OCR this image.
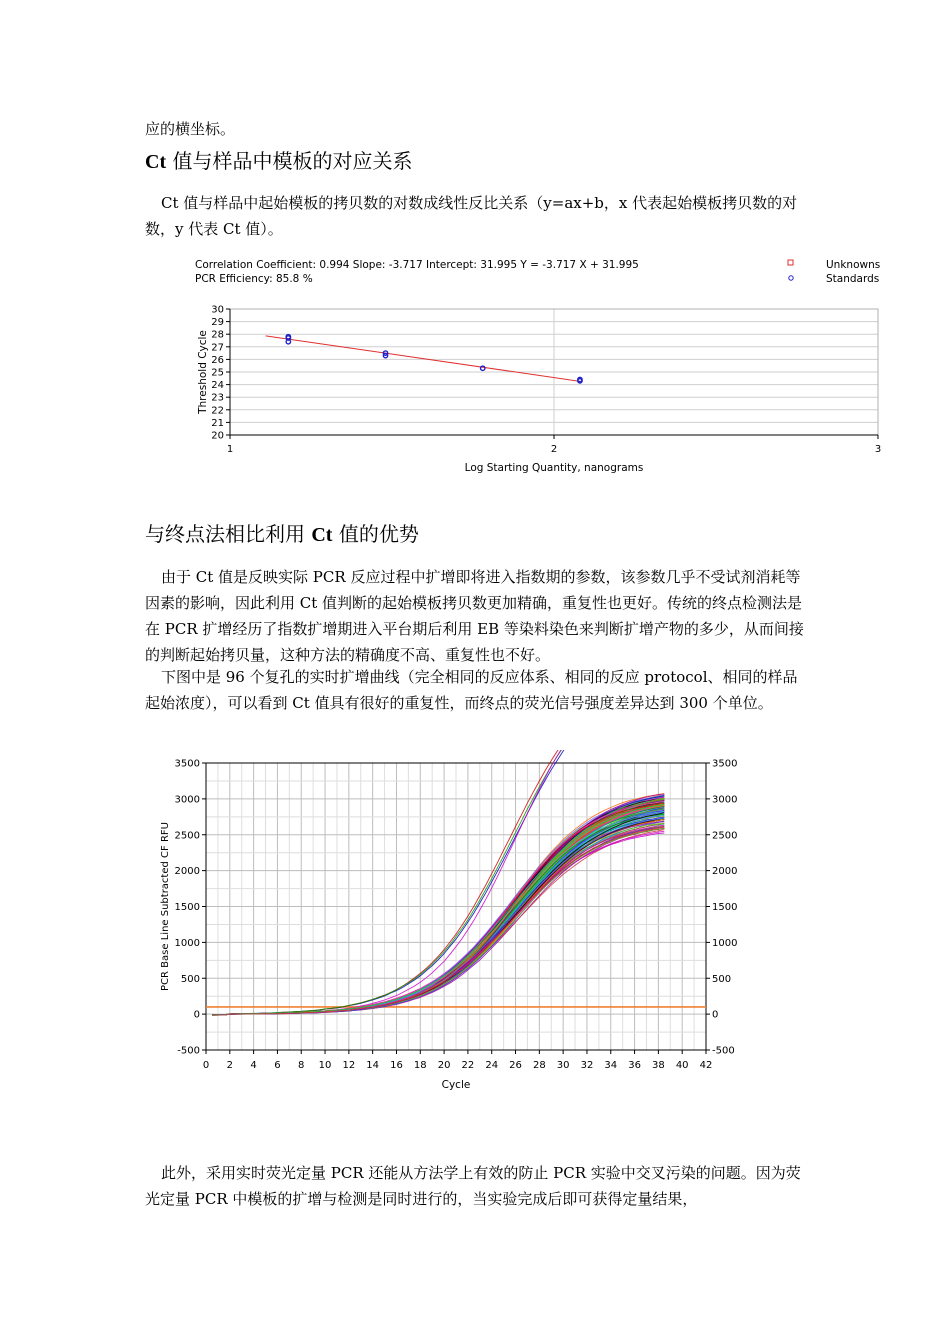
应的横坐标。

Ct 值与样品中模板的对应关系

Ct 值与样品中起始模板的拷贝数的对数成线性反比关系（y=ax+b，x 代表起始模板拷贝数的对数，y 代表 Ct 值）。

Correlation Coefficient: 0.994 Slope: -3.717 Intercept: 31.995 Y = -3.717 X + 31.995
PCR Efficiency: 85.8 %
Unknowns
Standards
20
21
22
23
24
25
26
27
28
29
30
1	2	3
Log Starting Quantity, nanograms
Threshold Cycle
与终点法相比利用 Ct 值的优势

由于 Ct 值是反映实际 PCR 反应过程中扩增即将进入指数期的参数，该参数几乎不受试剂消耗等因素的影响，因此利用 Ct 值判断的起始模板拷贝数更加精确，重复性也更好。传统的终点检测法是在 PCR 扩增经历了指数扩增期进入平台期后利用 EB 等染料染色来判断扩增产物的多少，从而间接的判断起始拷贝量，这种方法的精确度不高、重复性也不好。

下图中是 96 个复孔的实时扩增曲线（完全相同的反应体系、相同的反应 protocol、相同的样品起始浓度），可以看到 Ct 值具有很好的重复性，而终点的荧光信号强度差异达到 300 个单位。

-500	-500
0	0
500	500
1000	1000
1500	1500
2000	2000
2500	2500
3000	3000
3500	3500
0 2 4 6 8 10 12 14 16 18 20 22 24 26 28 30 32 34 36 38 40 42
Cycle
PCR Base Line Subtracted CF RFU

此外，采用实时荧光定量 PCR 还能从方法学上有效的防止 PCR 实验中交叉污染的问题。因为荧光定量 PCR 中模板的扩增与检测是同时进行的，当实验完成后即可获得定量结果，
